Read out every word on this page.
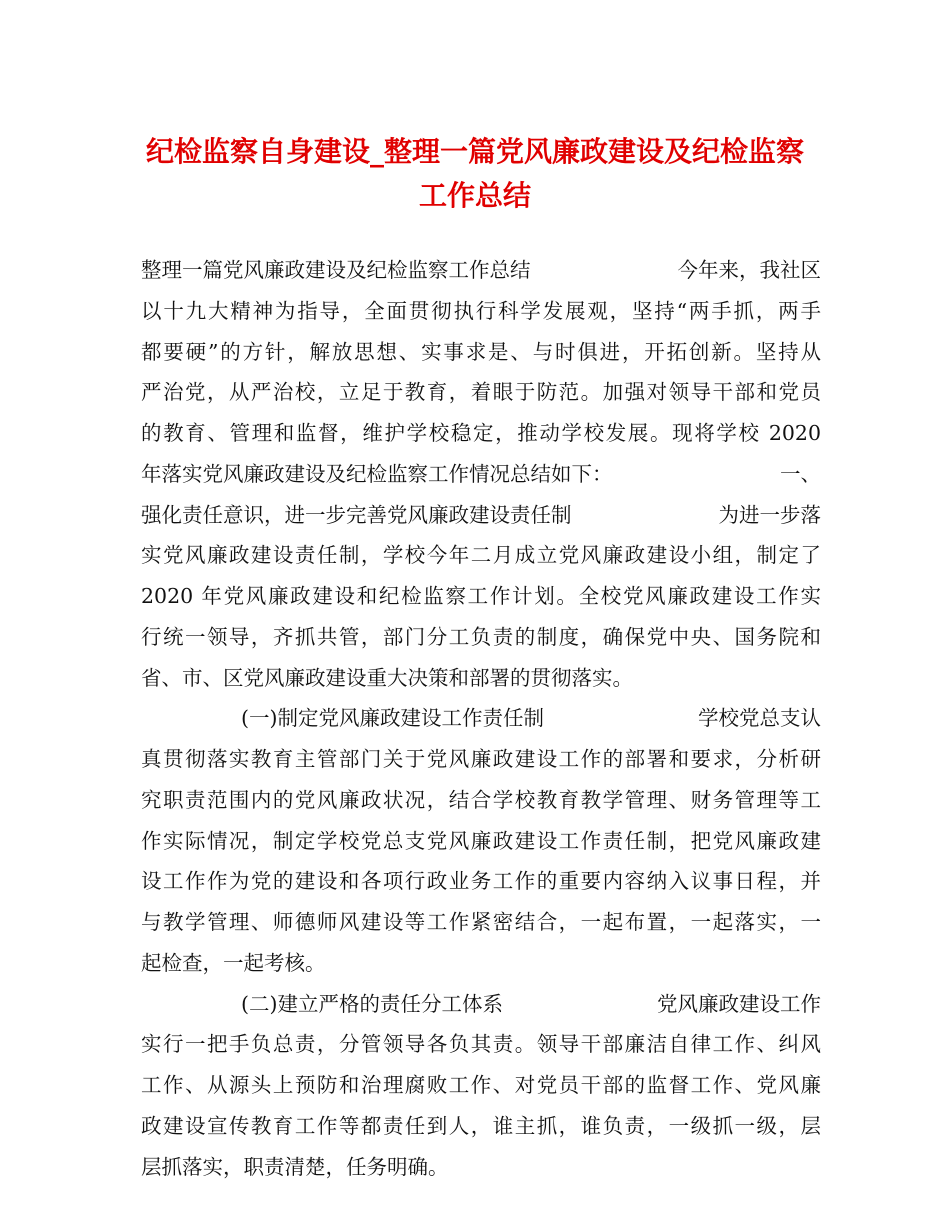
纪检监察自身建设_整理一篇党风廉政建设及纪检监察
工作总结
整理一篇党风廉政建设及纪检监察工作总结	今年来，我社区
以十九大精神为指导，全面贯彻执行科学发展观，坚持“两手抓，两手
都要硬”的方针，解放思想、实事求是、与时俱进，开拓创新。坚持从
严治党，从严治校，立足于教育，着眼于防范。加强对领导干部和党员
的教育、管理和监督，维护学校稳定，推动学校发展。现将学校 2020
年落实党风廉政建设及纪检监察工作情况总结如下：	一、
强化责任意识，进一步完善党风廉政建设责任制	为进一步落
实党风廉政建设责任制，学校今年二月成立党风廉政建设小组，制定了
2020 年党风廉政建设和纪检监察工作计划。全校党风廉政建设工作实
行统一领导，齐抓共管，部门分工负责的制度，确保党中央、国务院和
省、市、区党风廉政建设重大决策和部署的贯彻落实。
(一)制定党风廉政建设工作责任制	学校党总支认
真贯彻落实教育主管部门关于党风廉政建设工作的部署和要求，分析研
究职责范围内的党风廉政状况，结合学校教育教学管理、财务管理等工
作实际情况，制定学校党总支党风廉政建设工作责任制，把党风廉政建
设工作作为党的建设和各项行政业务工作的重要内容纳入议事日程，并
与教学管理、师德师风建设等工作紧密结合，一起布置，一起落实，一
起检查，一起考核。
(二)建立严格的责任分工体系	党风廉政建设工作
实行一把手负总责，分管领导各负其责。领导干部廉洁自律工作、纠风
工作、从源头上预防和治理腐败工作、对党员干部的监督工作、党风廉
政建设宣传教育工作等都责任到人，谁主抓，谁负责，一级抓一级，层
层抓落实，职责清楚，任务明确。
